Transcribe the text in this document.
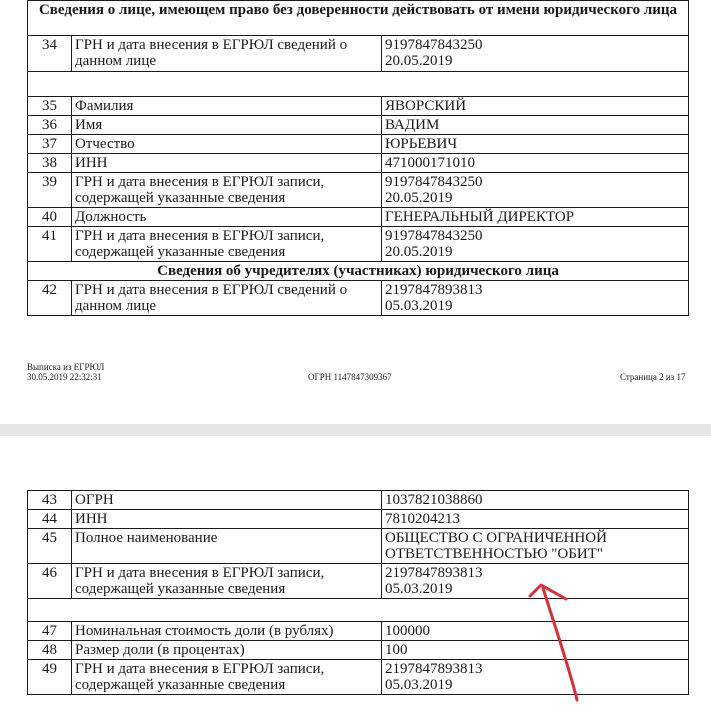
Сведения о лице, имеющем право без доверенности действовать от имени юридического лица		
34	ГРН и дата внесения в ЕГРЮЛ сведений о данном лице	9197847843250
20.05.2019

35	Фамилия	ЯВОРСКИЙ
36	Имя	ВАДИМ
37	Отчество	ЮРЬЕВИЧ
38	ИНН	471000171010
39	ГРН и дата внесения в ЕГРЮЛ записи, содержащей указанные сведения	9197847843250
20.05.2019
40	Должность	ГЕНЕРАЛЬНЫЙ ДИРЕКТОР
41	ГРН и дата внесения в ЕГРЮЛ записи, содержащей указанные сведения	9197847843250
20.05.2019
Сведения об учредителях (участниках) юридического лица		
42	ГРН и дата внесения в ЕГРЮЛ сведений о данном лице	2197847893813
05.03.2019
Выписка из ЕГРЮЛ
30.05.2019 22:32:31	ОГРН 1147847309367	Страница 2 из 17
43	ОГРН	1037821038860
44	ИНН	7810204213
45	Полное наименование	ОБЩЕСТВО С ОГРАНИЧЕННОЙ ОТВЕТСТВЕННОСТЬЮ "ОБИТ"
46	ГРН и дата внесения в ЕГРЮЛ записи, содержащей указанные сведения	2197847893813
05.03.2019

47	Номинальная стоимость доли (в рублях)	100000
48	Размер доли (в процентах)	100
49	ГРН и дата внесения в ЕГРЮЛ записи, содержащей указанные сведения	2197847893813
05.03.2019
